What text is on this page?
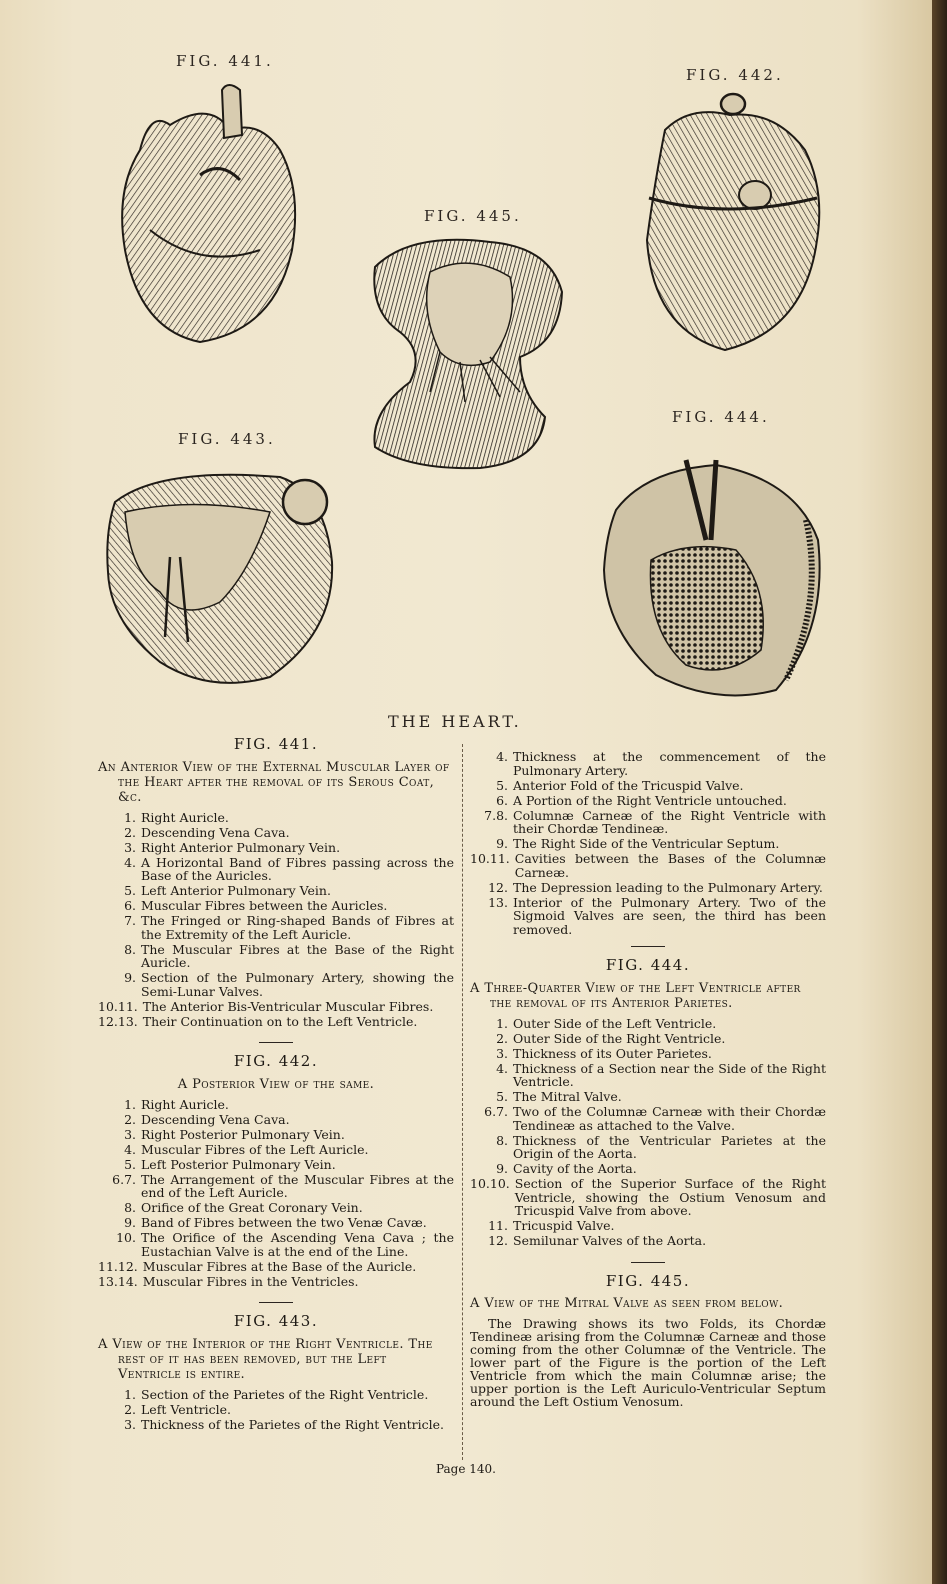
FIG. 441.
FIG. 442.
FIG. 445.
FIG. 444.
FIG. 443.
THE HEART.
FIG. 441.
An Anterior View of the External Muscular Layer of the Heart after the removal of its Serous Coat, &c.
1. Right Auricle.
2. Descending Vena Cava.
3. Right Anterior Pulmonary Vein.
4. A Horizontal Band of Fibres passing across the Base of the Auricles.
5. Left Anterior Pulmonary Vein.
6. Muscular Fibres between the Auricles.
7. The Fringed or Ring-shaped Bands of Fibres at the Extremity of the Left Auricle.
8. The Muscular Fibres at the Base of the Right Auricle.
9. Section of the Pulmonary Artery, showing the Semi-Lunar Valves.
10.11. The Anterior Bis-Ventricular Muscular Fibres.
12.13. Their Continuation on to the Left Ventricle.
FIG. 442.
A Posterior View of the same.
1. Right Auricle.
2. Descending Vena Cava.
3. Right Posterior Pulmonary Vein.
4. Muscular Fibres of the Left Auricle.
5. Left Posterior Pulmonary Vein.
6.7. The Arrangement of the Muscular Fibres at the end of the Left Auricle.
8. Orifice of the Great Coronary Vein.
9. Band of Fibres between the two Venæ Cavæ.
10. The Orifice of the Ascending Vena Cava ; the Eustachian Valve is at the end of the Line.
11.12. Muscular Fibres at the Base of the Auricle.
13.14. Muscular Fibres in the Ventricles.
FIG. 443.
A View of the Interior of the Right Ventricle. The rest of it has been removed, but the Left Ventricle is entire.
1. Section of the Parietes of the Right Ventricle.
2. Left Ventricle.
3. Thickness of the Parietes of the Right Ventricle.
4. Thickness at the commencement of the Pulmonary Artery.
5. Anterior Fold of the Tricuspid Valve.
6. A Portion of the Right Ventricle untouched.
7.8. Columnæ Carneæ of the Right Ventricle with their Chordæ Tendineæ.
9. The Right Side of the Ventricular Septum.
10.11. Cavities between the Bases of the Columnæ Carneæ.
12. The Depression leading to the Pulmonary Artery.
13. Interior of the Pulmonary Artery. Two of the Sigmoid Valves are seen, the third has been removed.
FIG. 444.
A Three-Quarter View of the Left Ventricle after the removal of its Anterior Parietes.
1. Outer Side of the Left Ventricle.
2. Outer Side of the Right Ventricle.
3. Thickness of its Outer Parietes.
4. Thickness of a Section near the Side of the Right Ventricle.
5. The Mitral Valve.
6.7. Two of the Columnæ Carneæ with their Chordæ Tendineæ as attached to the Valve.
8. Thickness of the Ventricular Parietes at the Origin of the Aorta.
9. Cavity of the Aorta.
10.10. Section of the Superior Surface of the Right Ventricle, showing the Ostium Venosum and Tricuspid Valve from above.
11. Tricuspid Valve.
12. Semilunar Valves of the Aorta.
FIG. 445.
A View of the Mitral Valve as seen from below.

The Drawing shows its two Folds, its Chordæ Tendineæ arising from the Columnæ Carneæ and those coming from the other Columnæ of the Ventricle. The lower part of the Figure is the portion of the Left Ventricle from which the main Columnæ arise; the upper portion is the Left Auriculo-Ventricular Septum around the Left Ostium Venosum.

Page 140.
